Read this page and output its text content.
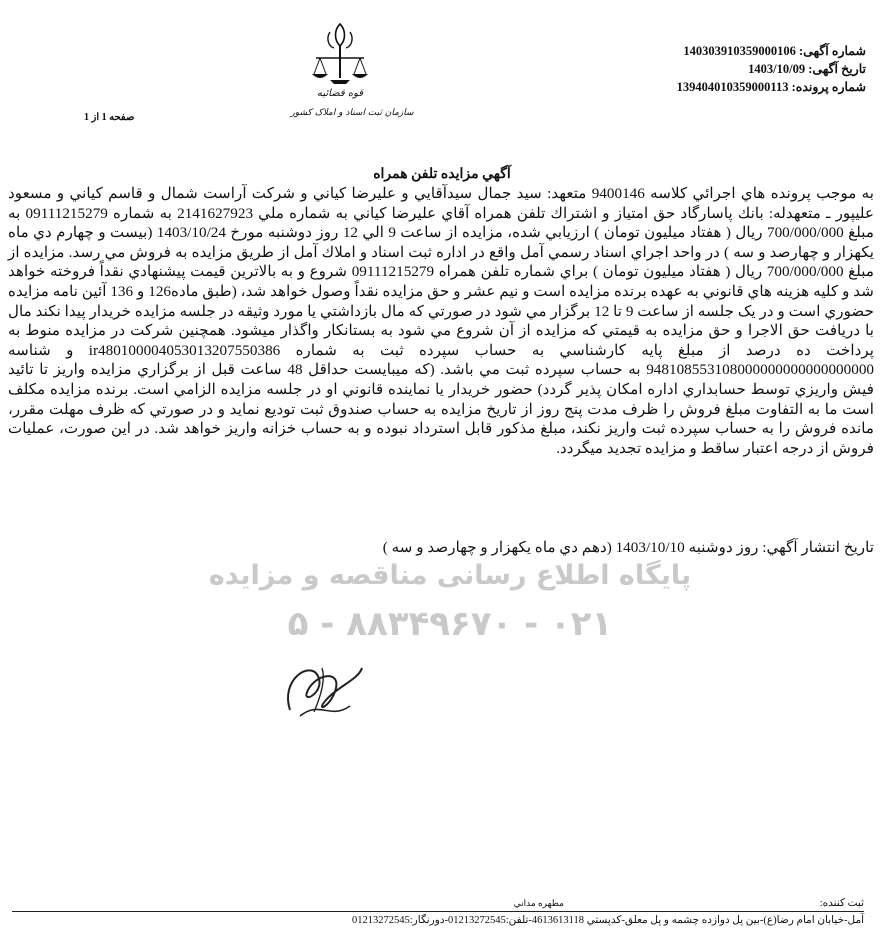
قوه قضائیه
سازمان ثبت اسناد و املاک کشور
شماره آگهی: 140303910359000106
تاریخ آگهی: 1403/10/09
شماره پرونده: 139404010359000113
صفحه 1 از 1
آگهي مزايده تلفن همراه
پایگاه اطلاع رسانی مناقصه و مزایده
۰۲۱ - ۸۸۳۴۹۶۷۰ - ۵
به موجب پرونده هاي اجرائي كلاسه 9400146 متعهد: سيد جمال سيدآقايي و عليرضا كياني و شركت آراست شمال و قاسم كياني و مسعود عليپور ـ متعهدله: بانك پاسارگاد حق امتياز و اشتراك تلفن همراه آقاي عليرضا كياني به شماره ملي 2141627923 به شماره 09111215279 به مبلغ 700/000/000 ريال ( هفتاد ميليون تومان ) ارزيابي شده، مزايده از ساعت 9 الي 12 روز دوشنبه مورخ 1403/10/24 (بيست و چهارم دي ماه يكهزار و چهارصد و سه ) در واحد اجراي اسناد رسمي آمل واقع در اداره ثبت اسناد و املاك آمل از طريق مزايده به فروش مي رسد. مزايده از مبلغ 700/000/000 ريال ( هفتاد ميليون تومان ) براي شماره تلفن همراه 09111215279 شروع و به بالاترين قيمت پيشنهادي نقداً فروخته خواهد شد و كليه هزينه هاي قانوني به عهده برنده مزايده است و نيم عشر و حق مزايده نقداً وصول خواهد شد، (طبق ماده126 و 136 آئين نامه مزايده حضوري است و در يک جلسه از ساعت 9 تا 12 برگزار مي شود در صورتي كه مال بازداشتي يا مورد وثيقه در جلسه مزايده خريدار پيدا نكند مال با دريافت حق الاجرا و حق مزايده به قيمتي كه مزايده از آن شروع مي شود به بستانكار واگذار ميشود. همچنين شركت در مزايده منوط به پرداخت ده درصد از مبلغ پايه كارشناسي به حساب سپرده ثبت به شماره ir480100004053013207550386 و شناسه 948108553108000000000000000000 به حساب سپرده ثبت مي باشد. (كه ميبايست حداقل 48 ساعت قبل از برگزاري مزايده واريز تا تائيد فيش واريزي توسط حسابداري اداره امكان پذير گردد) حضور خريدار يا نماينده قانوني او در جلسه مزايده الزامي است. برنده مزايده مكلف است ما به التفاوت مبلغ فروش را ظرف مدت پنج روز از تاريخ مزايده به حساب صندوق ثبت توديع نمايد و در صورتي كه ظرف مهلت مقرر، مانده فروش را به حساب سپرده ثبت واريز نكند، مبلغ مذكور قابل استرداد نبوده و به حساب خزانه واريز خواهد شد. در اين صورت، عمليات فروش از درجه اعتبار ساقط و مزايده تجديد ميگردد.
تاريخ انتشار آگهي: روز دوشنبه 1403/10/10 (دهم دي ماه يكهزار و چهارصد و سه )
ثبت كننده:
مطهره مداني
آمل-خيابان امام رضا(ع)-بين پل دوازده چشمه و پل معلق-كدپستي 4613613118-تلفن:01213272545-دورنگار:01213272545
